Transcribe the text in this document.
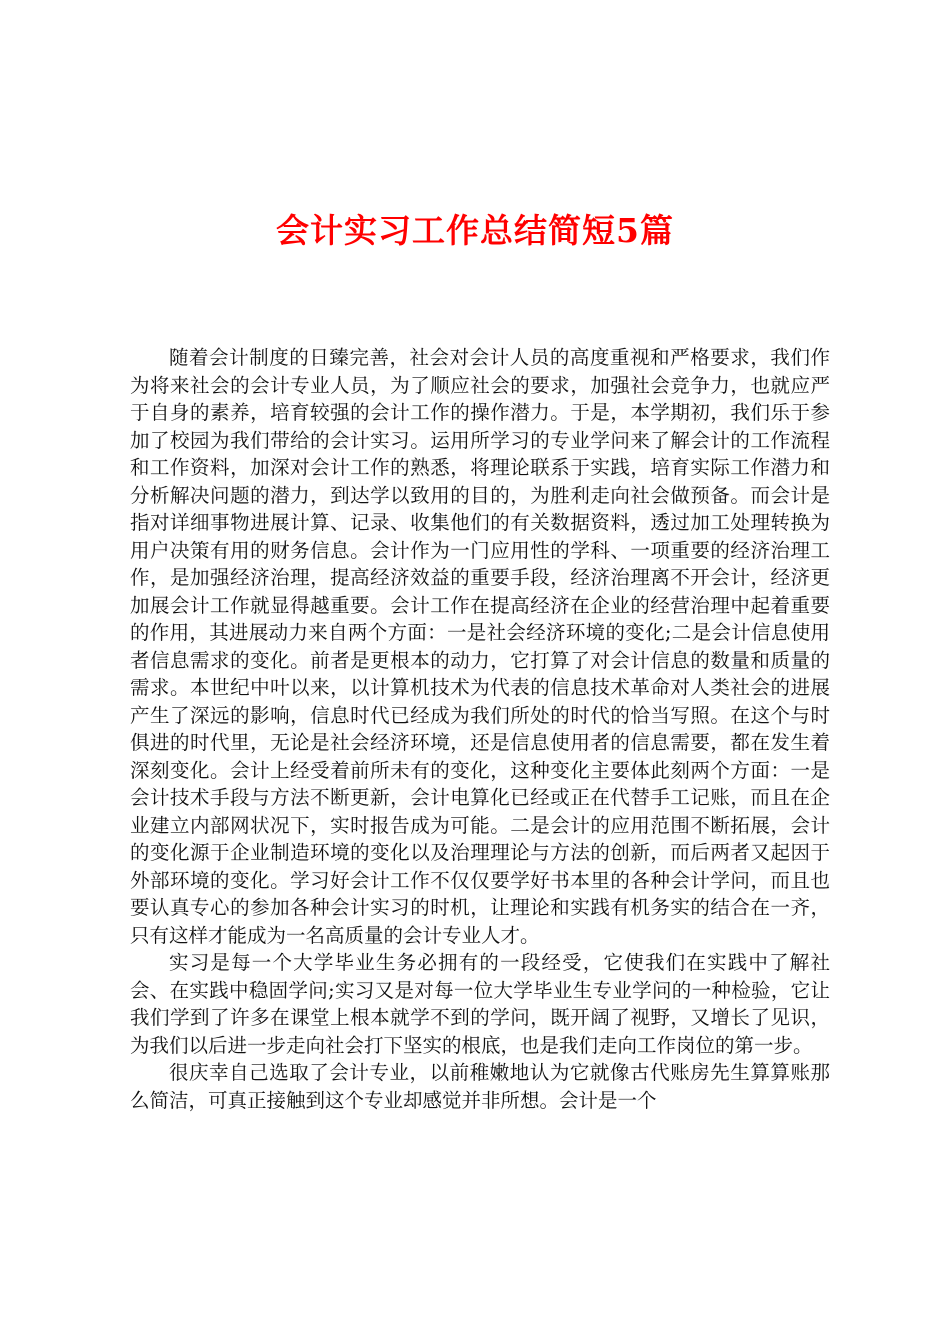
会计实习工作总结简短5篇

随着会计制度的日臻完善，社会对会计人员的高度重视和严格要求，我们作为将来社会的会计专业人员，为了顺应社会的要求，加强社会竞争力，也就应严于自身的素养，培育较强的会计工作的操作潜力。于是，本学期初，我们乐于参加了校园为我们带给的会计实习。运用所学习的专业学问来了解会计的工作流程和工作资料，加深对会计工作的熟悉，将理论联系于实践，培育实际工作潜力和分析解决问题的潜力，到达学以致用的目的，为胜利走向社会做预备。而会计是指对详细事物进展计算、记录、收集他们的有关数据资料，透过加工处理转换为用户决策有用的财务信息。会计作为一门应用性的学科、一项重要的经济治理工作，是加强经济治理，提高经济效益的重要手段，经济治理离不开会计，经济更加展会计工作就显得越重要。会计工作在提高经济在企业的经营治理中起着重要的作用，其进展动力来自两个方面：一是社会经济环境的变化;二是会计信息使用者信息需求的变化。前者是更根本的动力，它打算了对会计信息的数量和质量的需求。本世纪中叶以来，以计算机技术为代表的信息技术革命对人类社会的进展产生了深远的影响，信息时代已经成为我们所处的时代的恰当写照。在这个与时俱进的时代里，无论是社会经济环境，还是信息使用者的信息需要，都在发生着深刻变化。会计上经受着前所未有的变化，这种变化主要体此刻两个方面：一是会计技术手段与方法不断更新，会计电算化已经或正在代替手工记账，而且在企业建立内部网状况下，实时报告成为可能。二是会计的应用范围不断拓展，会计的变化源于企业制造环境的变化以及治理理论与方法的创新，而后两者又起因于外部环境的变化。学习好会计工作不仅仅要学好书本里的各种会计学问，而且也要认真专心的参加各种会计实习的时机，让理论和实践有机务实的结合在一齐，只有这样才能成为一名高质量的会计专业人才。

实习是每一个大学毕业生务必拥有的一段经受，它使我们在实践中了解社会、在实践中稳固学问;实习又是对每一位大学毕业生专业学问的一种检验，它让我们学到了许多在课堂上根本就学不到的学问，既开阔了视野，又增长了见识，为我们以后进一步走向社会打下坚实的根底，也是我们走向工作岗位的第一步。

很庆幸自己选取了会计专业，以前稚嫩地认为它就像古代账房先生算算账那么简洁，可真正接触到这个专业却感觉并非所想。会计是一个
